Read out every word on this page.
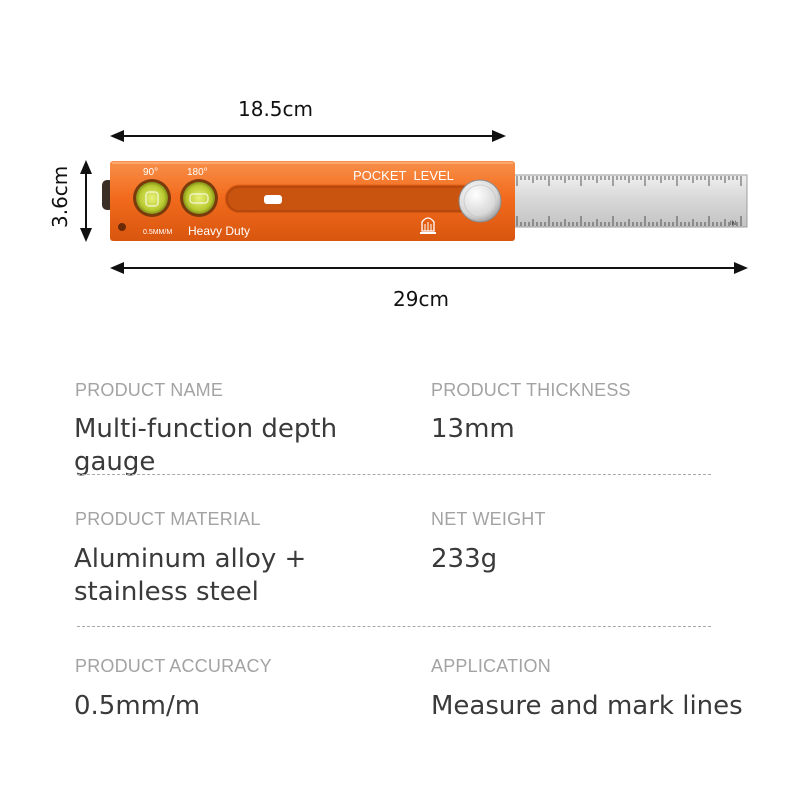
18.5cm
3.6cm
29cm
IN
90°	180°
0.5MM/M Heavy Duty
POCKET  LEVEL
PRODUCT NAME
Multi-function depth gauge
PRODUCT THICKNESS
13mm
PRODUCT MATERIAL
Aluminum alloy + stainless steel
NET WEIGHT
233g
PRODUCT ACCURACY
0.5mm/m
APPLICATION
Measure and mark lines
